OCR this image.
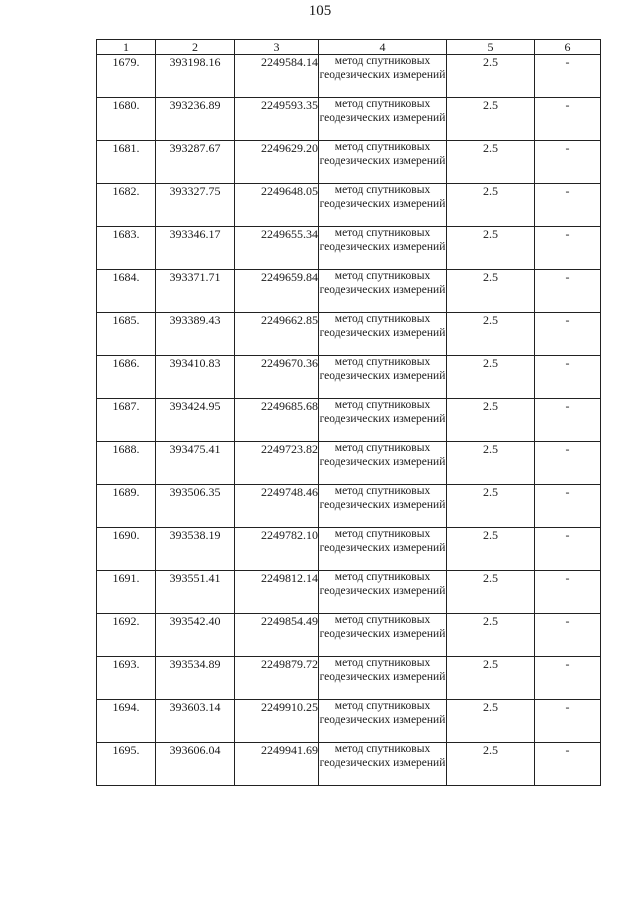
105
1	2	3	4	5	6
1679.	393198.16	2249584.14	метод спутниковых геодезических измерений	2.5	-
1680.	393236.89	2249593.35	метод спутниковых геодезических измерений	2.5	-
1681.	393287.67	2249629.20	метод спутниковых геодезических измерений	2.5	-
1682.	393327.75	2249648.05	метод спутниковых геодезических измерений	2.5	-
1683.	393346.17	2249655.34	метод спутниковых геодезических измерений	2.5	-
1684.	393371.71	2249659.84	метод спутниковых геодезических измерений	2.5	-
1685.	393389.43	2249662.85	метод спутниковых геодезических измерений	2.5	-
1686.	393410.83	2249670.36	метод спутниковых геодезических измерений	2.5	-
1687.	393424.95	2249685.68	метод спутниковых геодезических измерений	2.5	-
1688.	393475.41	2249723.82	метод спутниковых геодезических измерений	2.5	-
1689.	393506.35	2249748.46	метод спутниковых геодезических измерений	2.5	-
1690.	393538.19	2249782.10	метод спутниковых геодезических измерений	2.5	-
1691.	393551.41	2249812.14	метод спутниковых геодезических измерений	2.5	-
1692.	393542.40	2249854.49	метод спутниковых геодезических измерений	2.5	-
1693.	393534.89	2249879.72	метод спутниковых геодезических измерений	2.5	-
1694.	393603.14	2249910.25	метод спутниковых геодезических измерений	2.5	-
1695.	393606.04	2249941.69	метод спутниковых геодезических измерений	2.5	-
